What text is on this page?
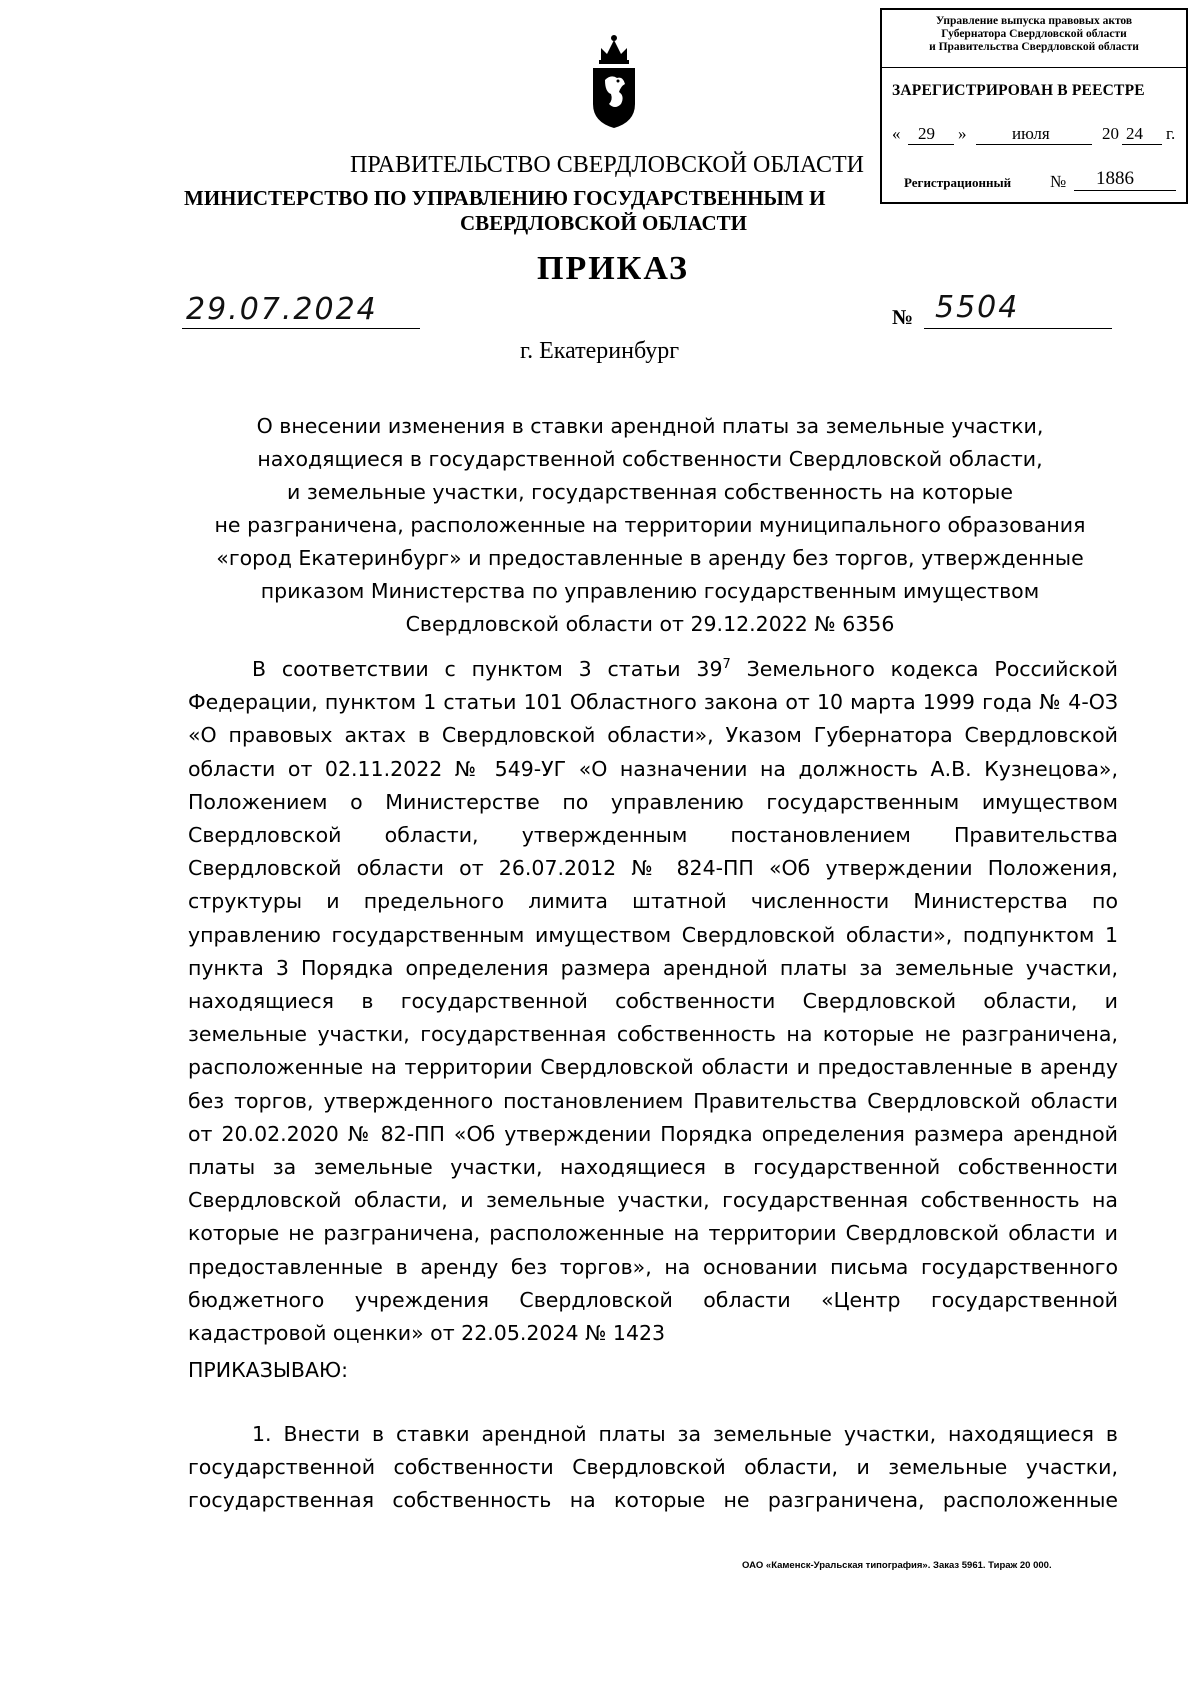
Управление выпуска правовых актов
Губернатора Свердловской области
и Правительства Свердловской области
ЗАРЕГИСТРИРОВАН В РЕЕСТРЕ
« 29 »	июля	20 24 г.
Регистрационный № 1886
ПРАВИТЕЛЬСТВО СВЕРДЛОВСКОЙ ОБЛАСТИ
МИНИСТЕРСТВО ПО УПРАВЛЕНИЮ ГОСУДАРСТВЕННЫМ И
СВЕРДЛОВСКОЙ ОБЛАСТИ
ПРИКАЗ
29.07.2024	№ 5504
г. Екатеринбург
О внесении изменения в ставки арендной платы за земельные участки,
находящиеся в государственной собственности Свердловской области,
и земельные участки, государственная собственность на которые
не разграничена, расположенные на территории муниципального образования
«город Екатеринбург» и предоставленные в аренду без торгов, утвержденные
приказом Министерства по управлению государственным имуществом
Свердловской области от 29.12.2022 № 6356

В соответствии с пунктом 3 статьи $39^7$ Земельного кодекса Российской Федерации, пунктом 1 статьи 101 Областного закона от 10 марта 1999 года № 4-ОЗ «О правовых актах в Свердловской области», Указом Губернатора Свердловской области от 02.11.2022 № 549-УГ «О назначении на должность А.В. Кузнецова», Положением о Министерстве по управлению государственным имуществом Свердловской области, утвержденным постановлением Правительства Свердловской области от 26.07.2012 № 824-ПП «Об утверждении Положения, структуры и предельного лимита штатной численности Министерства по управлению государственным имуществом Свердловской области», подпунктом 1 пункта 3 Порядка определения размера арендной платы за земельные участки, находящиеся в государственной собственности Свердловской области, и земельные участки, государственная собственность на которые не разграничена, расположенные на территории Свердловской области и предоставленные в аренду без торгов, утвержденного постановлением Правительства Свердловской области от 20.02.2020 № 82-ПП «Об утверждении Порядка определения размера арендной платы за земельные участки, находящиеся в государственной собственности Свердловской области, и земельные участки, государственная собственность на которые не разграничена, расположенные на территории Свердловской области и предоставленные в аренду без торгов», на основании письма государственного бюджетного учреждения Свердловской области «Центр государственной кадастровой оценки» от 22.05.2024 № 1423

ПРИКАЗЫВАЮ:

1. Внести в ставки арендной платы за земельные участки, находящиеся в государственной собственности Свердловской области, и земельные участки, государственная собственность на которые не разграничена, расположенные

ОАО «Каменск-Уральская типография». Заказ 5961. Тираж 20 000.
